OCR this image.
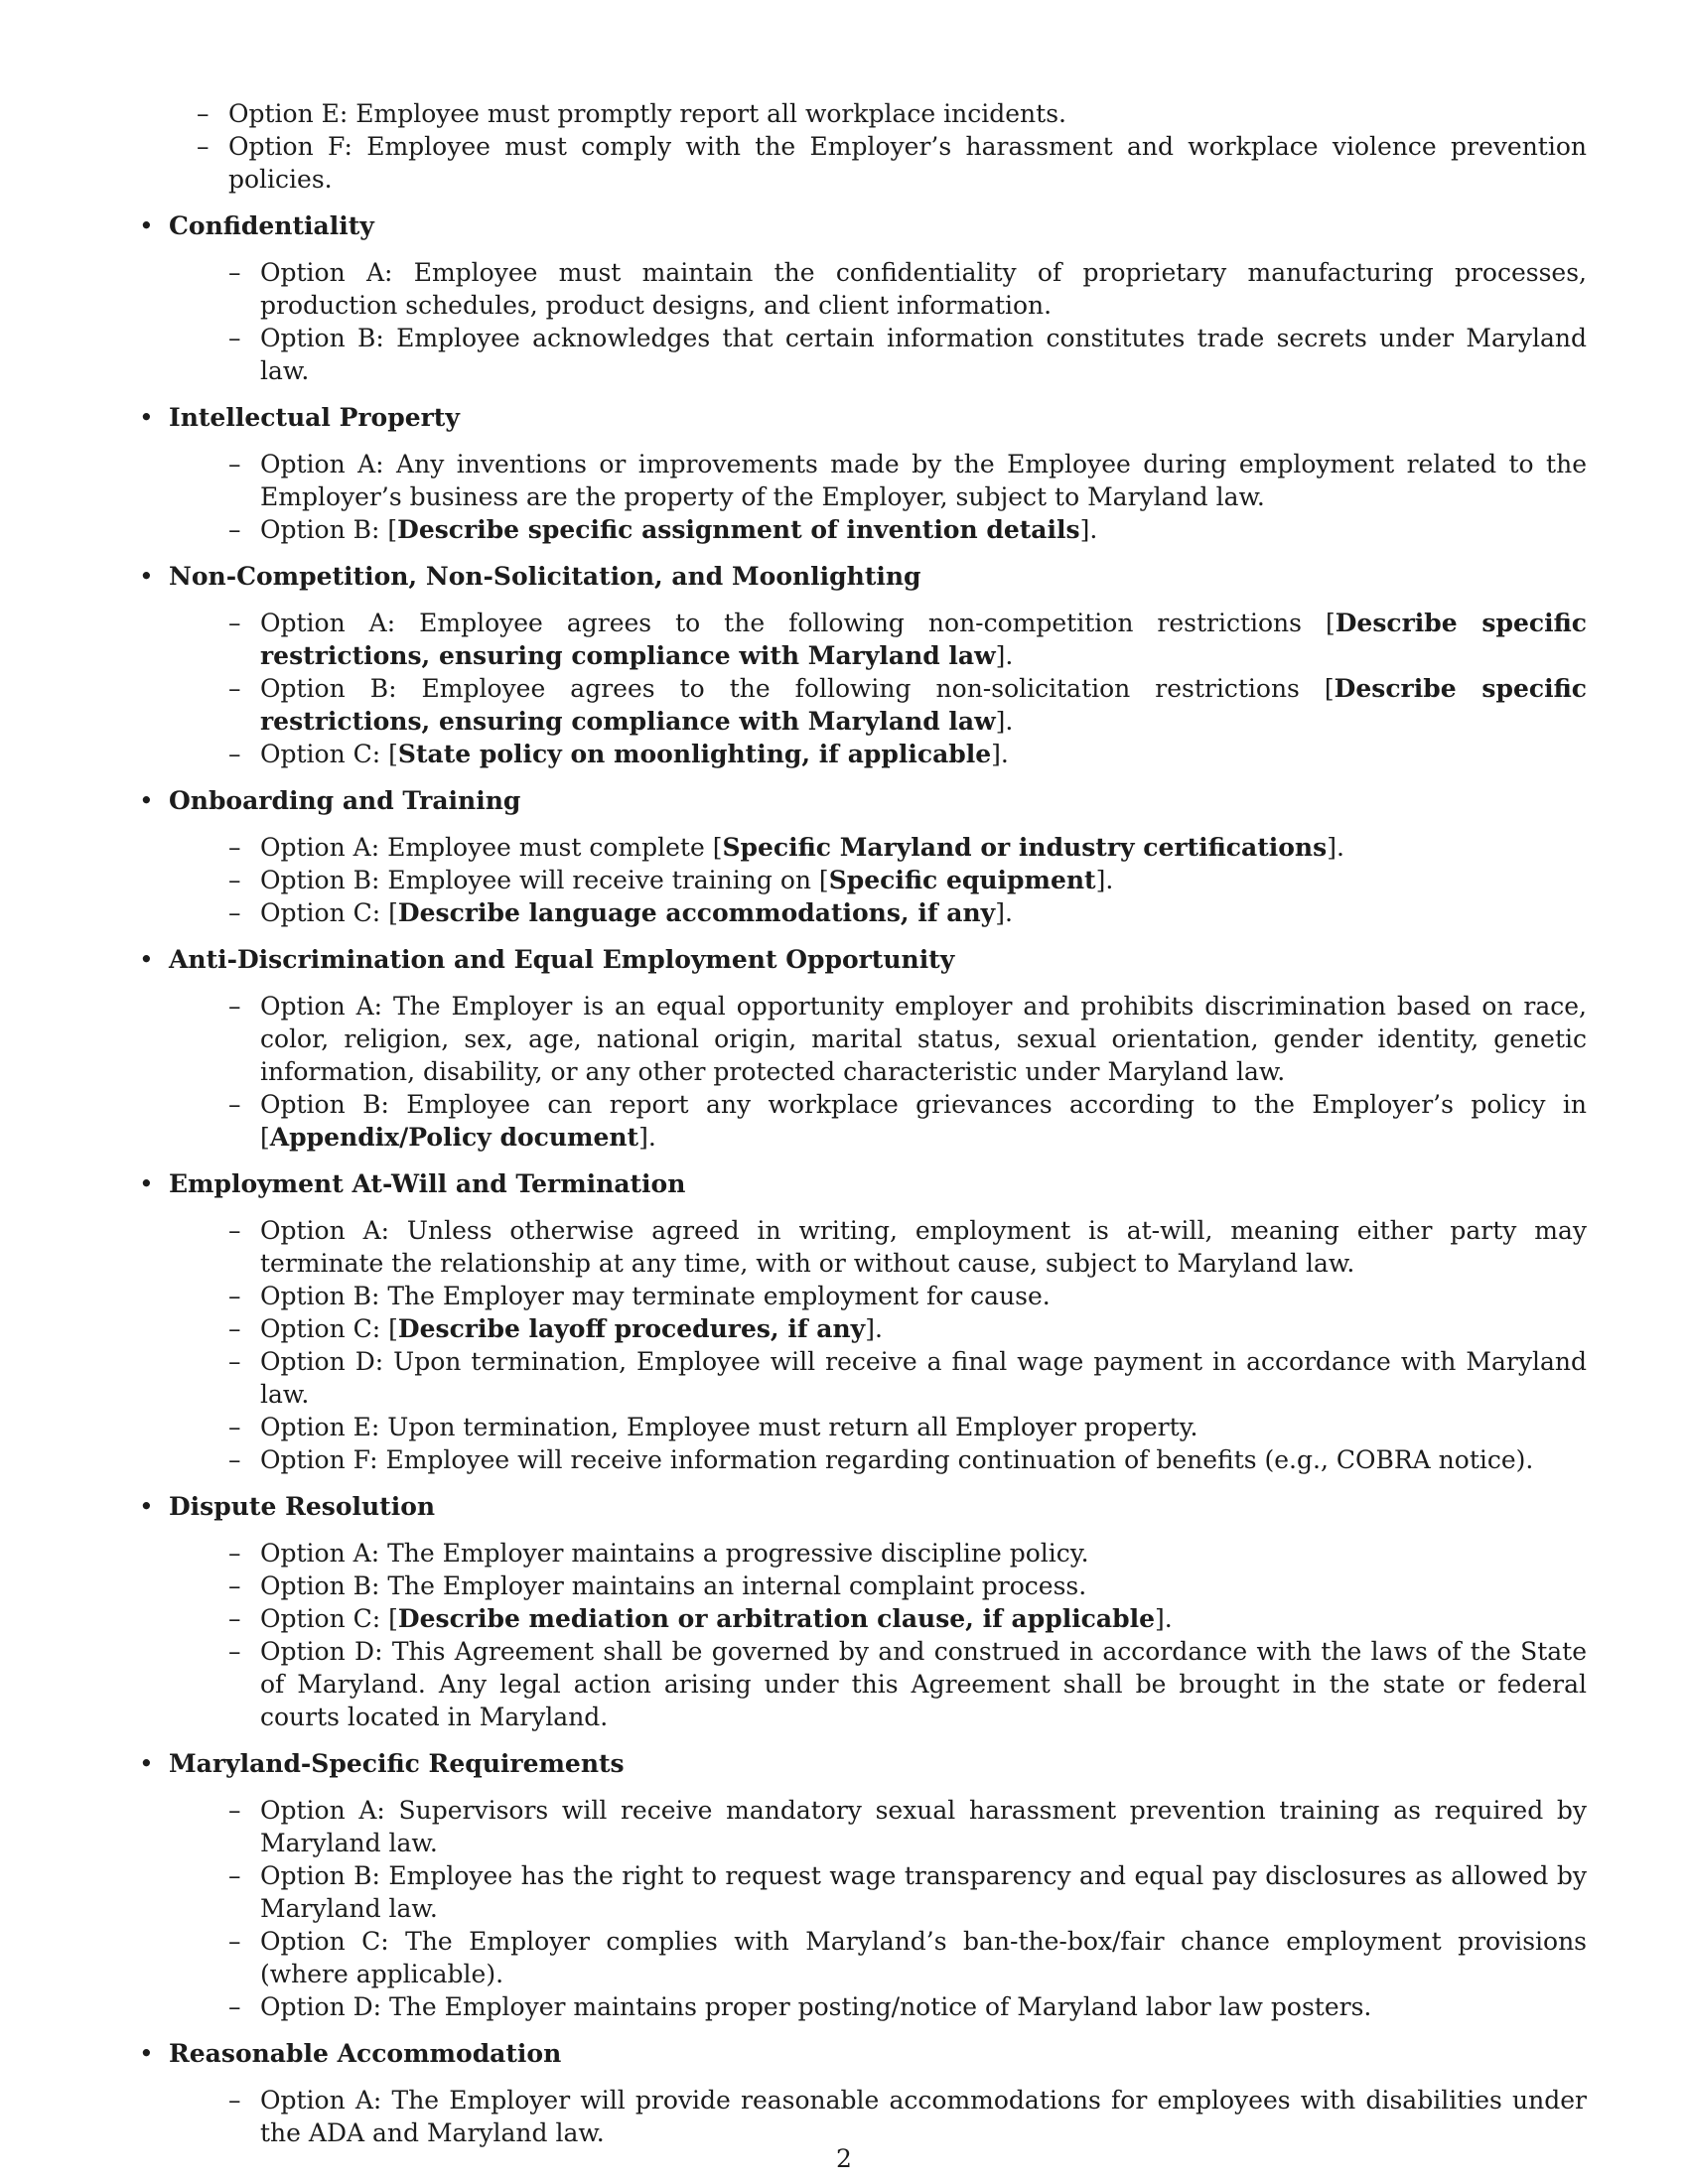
– Option E: Employee must promptly report all workplace incidents.
– Option F: Employee must comply with the Employer’s harassment and workplace violence prevention policies.
• Confidentiality
– Option A: Employee must maintain the confidentiality of proprietary manufacturing processes, production schedules, product designs, and client information.
– Option B: Employee acknowledges that certain information constitutes trade secrets under Maryland law.
• Intellectual Property
– Option A: Any inventions or improvements made by the Employee during employment related to the Employer’s business are the property of the Employer, subject to Maryland law.
– Option B: [Describe specific assignment of invention details].
• Non-Competition, Non-Solicitation, and Moonlighting
– Option A: Employee agrees to the following non-competition restrictions [Describe specific restrictions, ensuring compliance with Maryland law].
– Option B: Employee agrees to the following non-solicitation restrictions [Describe specific restrictions, ensuring compliance with Maryland law].
– Option C: [State policy on moonlighting, if applicable].
• Onboarding and Training
– Option A: Employee must complete [Specific Maryland or industry certifications].
– Option B: Employee will receive training on [Specific equipment].
– Option C: [Describe language accommodations, if any].
• Anti-Discrimination and Equal Employment Opportunity
– Option A: The Employer is an equal opportunity employer and prohibits discrimination based on race, color, religion, sex, age, national origin, marital status, sexual orientation, gender identity, genetic information, disability, or any other protected characteristic under Maryland law.
– Option B: Employee can report any workplace grievances according to the Employer’s policy in [Appendix/Policy document].
• Employment At-Will and Termination
– Option A: Unless otherwise agreed in writing, employment is at-will, meaning either party may terminate the relationship at any time, with or without cause, subject to Maryland law.
– Option B: The Employer may terminate employment for cause.
– Option C: [Describe layoff procedures, if any].
– Option D: Upon termination, Employee will receive a final wage payment in accordance with Maryland law.
– Option E: Upon termination, Employee must return all Employer property.
– Option F: Employee will receive information regarding continuation of benefits (e.g., COBRA notice).
• Dispute Resolution
– Option A: The Employer maintains a progressive discipline policy.
– Option B: The Employer maintains an internal complaint process.
– Option C: [Describe mediation or arbitration clause, if applicable].
– Option D: This Agreement shall be governed by and construed in accordance with the laws of the State of Maryland. Any legal action arising under this Agreement shall be brought in the state or federal courts located in Maryland.
• Maryland-Specific Requirements
– Option A: Supervisors will receive mandatory sexual harassment prevention training as required by Maryland law.
– Option B: Employee has the right to request wage transparency and equal pay disclosures as allowed by Maryland law.
– Option C: The Employer complies with Maryland’s ban-the-box/fair chance employment provisions (where applicable).
– Option D: The Employer maintains proper posting/notice of Maryland labor law posters.
• Reasonable Accommodation
– Option A: The Employer will provide reasonable accommodations for employees with disabilities under the ADA and Maryland law.
2
